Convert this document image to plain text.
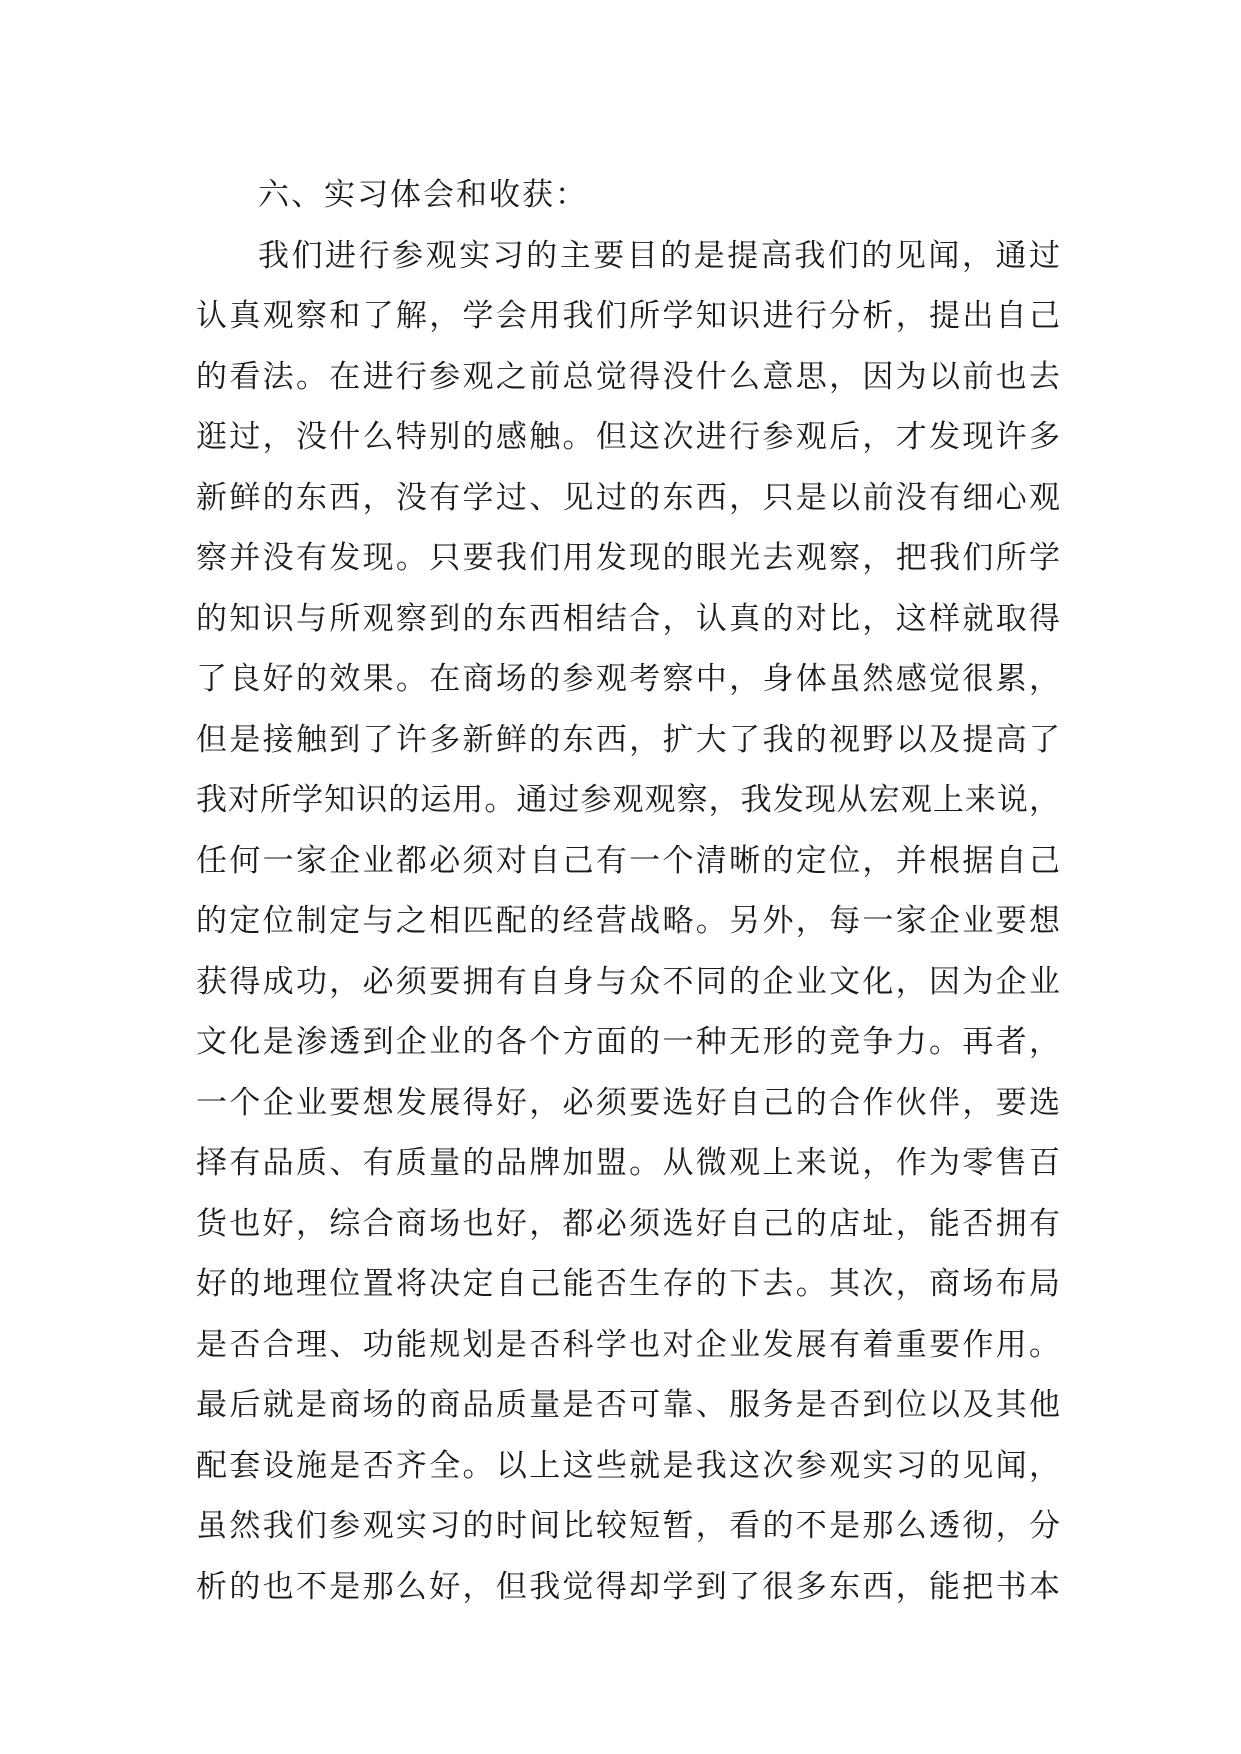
六、实习体会和收获：
我们进行参观实习的主要目的是提高我们的见闻，通过
认真观察和了解，学会用我们所学知识进行分析，提出自己
的看法。在进行参观之前总觉得没什么意思，因为以前也去
逛过，没什么特别的感触。但这次进行参观后，才发现许多
新鲜的东西，没有学过、见过的东西，只是以前没有细心观
察并没有发现。只要我们用发现的眼光去观察，把我们所学
的知识与所观察到的东西相结合，认真的对比，这样就取得
了良好的效果。在商场的参观考察中，身体虽然感觉很累，
但是接触到了许多新鲜的东西，扩大了我的视野以及提高了
我对所学知识的运用。通过参观观察，我发现从宏观上来说，
任何一家企业都必须对自己有一个清晰的定位，并根据自己
的定位制定与之相匹配的经营战略。另外，每一家企业要想
获得成功，必须要拥有自身与众不同的企业文化，因为企业
文化是渗透到企业的各个方面的一种无形的竞争力。再者，
一个企业要想发展得好，必须要选好自己的合作伙伴，要选
择有品质、有质量的品牌加盟。从微观上来说，作为零售百
货也好，综合商场也好，都必须选好自己的店址，能否拥有
好的地理位置将决定自己能否生存的下去。其次，商场布局
是否合理、功能规划是否科学也对企业发展有着重要作用。
最后就是商场的商品质量是否可靠、服务是否到位以及其他
配套设施是否齐全。以上这些就是我这次参观实习的见闻，
虽然我们参观实习的时间比较短暂，看的不是那么透彻，分
析的也不是那么好，但我觉得却学到了很多东西，能把书本
